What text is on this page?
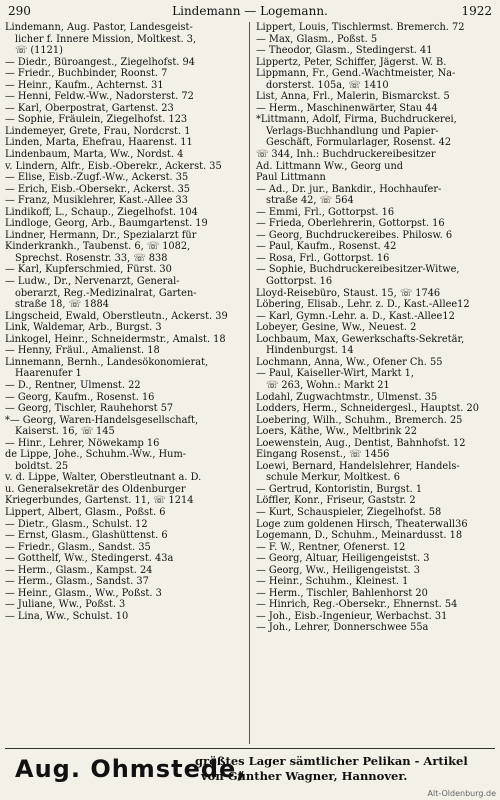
290	Lindemann — Logemann.	1922
Lindemann, Aug. Pastor, Landesgeist-
licher f. Innere Mission, Moltkest. 3,
☏ (1121)
— Diedr., Büroangest., Ziegelhofst. 94
— Friedr., Buchbinder, Roonst. 7
— Heinr., Kaufm., Achternst. 31
— Henni, Feldw.-Ww., Nadorsterst. 72
— Karl, Oberpostrat, Gartenst. 23
— Sophie, Fräulein, Ziegelhofst. 123
Lindemeyer, Grete, Frau, Nordcrst. 1
Linden, Marta, Ehefrau, Haarenst. 11
Lindenbaum, Marta, Ww., Nordst. 4
v. Lindern, Alfr., Eisb.-Oberekr., Ackerst. 35
— Elise, Eisb.-Zugf.-Ww., Ackerst. 35
— Erich, Eisb.-Obersekr., Ackerst. 35
— Franz, Musiklehrer, Kast.-Allee 33
Lindikoff, L., Schaup., Ziegelhofst. 104
Lindloge, Georg, Arb., Baumgartenst. 19
Lindner, Hermann, Dr., Spezialarzt für
Kinderkrankh., Taubenst. 6, ☏ 1082,
Sprechst. Rosenstr. 33, ☏ 838
— Karl, Kupferschmied, Fürst. 30
— Ludw., Dr., Nervenarzt, General-
oberarzt, Reg.-Medizinalrat, Garten-
straße 18, ☏ 1884
Lingscheid, Ewald, Oberstleutn., Ackerst. 39
Link, Waldemar, Arb., Burgst. 3
Linkogel, Heinr., Schneidermstr., Amalst. 18
— Henny, Fräul., Amalienst. 18
Linnemann, Bernh., Landesökonomierat,
Haarenufer 1
— D., Rentner, Ulmenst. 22
— Georg, Kaufm., Rosenst. 16
— Georg, Tischler, Rauhehorst 57
*— Georg, Waren-Handelsgesellschaft,
Kaiserst. 16, ☏ 145
— Hinr., Lehrer, Nöwekamp 16
de Lippe, Johe., Schuhm.-Ww., Hum-
boldtst. 25
v. d. Lippe, Walter, Oberstleutnant a. D.
u. Generalsekretär des Oldenburger
Kriegerbundes, Gartenst. 11, ☏ 1214
Lippert, Albert, Glasm., Poßst. 6
— Dietr., Glasm., Schulst. 12
— Ernst, Glasm., Glashüttenst. 6
— Friedr., Glasm., Sandst. 35
— Gotthelf, Ww., Stedingerst. 43a
— Herm., Glasm., Kampst. 24
— Herm., Glasm., Sandst. 37
— Heinr., Glasm., Ww., Poßst. 3
— Juliane, Ww., Poßst. 3
— Lina, Ww., Schulst. 10
Lippert, Louis, Tischlermst. Bremerch. 72
— Max, Glasm., Poßst. 5
— Theodor, Glasm., Stedingerst. 41
Lippertz, Peter, Schiffer, Jägerst. W. B.
Lippmann, Fr., Gend.-Wachtmeister, Na-
dorsterst. 105a, ☏ 1410
List, Anna, Frl., Malerin, Bismarckst. 5
— Herm., Maschinenwärter, Stau 44
*Littmann, Adolf, Firma, Buchdruckerei,
Verlags-Buchhandlung und Papier-
Geschäft, Formularlager, Rosenst. 42
☏ 344, Inh.: Buchdruckereibesitzer
Ad. Littmann Ww., Georg und
Paul Littmann
— Ad., Dr. jur., Bankdir., Hochhaufer-
straße 42, ☏ 564
— Emmi, Frl., Gottorpst. 16
— Frieda, Oberlehrerin, Gottorpst. 16
— Georg, Buchdruckereibes. Philosw. 6
— Paul, Kaufm., Rosenst. 42
— Rosa, Frl., Gottorpst. 16
— Sophie, Buchdruckereibesitzer-Witwe,
Gottorpst. 16
Lloyd-Reisebüro, Staust. 15, ☏ 1746
Löbering, Elisab., Lehr. z. D., Kast.-Allee12
— Karl, Gymn.-Lehr. a. D., Kast.-Allee12
Lobeyer, Gesine, Ww., Neuest. 2
Lochbaum, Max, Gewerkschafts-Sekretär,
Hindenburgst. 14
Lochmann, Anna, Ww., Ofener Ch. 55
— Paul, Kaiseller-Wirt, Markt 1,
☏ 263, Wohn.: Markt 21
Lodahl, Zugwachtmstr., Ulmenst. 35
Lodders, Herm., Schneidergesl., Hauptst. 20
Loebering, Wilh., Schuhm., Bremerch. 25
Loers, Käthe, Ww., Meltbrink 22
Loewenstein, Aug., Dentist, Bahnhofst. 12
Eingang Rosenst., ☏ 1456
Loewi, Bernard, Handelslehrer, Handels-
schule Merkur, Moltkest. 6
— Gertrud, Kontoristin, Burgst. 1
Löffler, Konr., Friseur, Gaststr. 2
— Kurt, Schauspieler, Ziegelhofst. 58
Loge zum goldenen Hirsch, Theaterwall36
Logemann, D., Schuhm., Meinardusst. 18
— F. W., Rentner, Ofenerst. 12
— Georg, Altuar, Heiligengeistst. 3
— Georg, Ww., Heiligengeistst. 3
— Heinr., Schuhm., Kleinest. 1
— Herm., Tischler, Bahlenhorst 20
— Hinrich, Reg.-Obersekr., Ehnernst. 54
— Joh., Eisb.-Ingenieur, Werbachst. 31
— Joh., Lehrer, Donnerschwee 55a
Aug. Ohmstede,
größtes Lager sämtlicher Pelikan - Artikel
von Günther Wagner, Hannover.
Alt-Oldenburg.de
